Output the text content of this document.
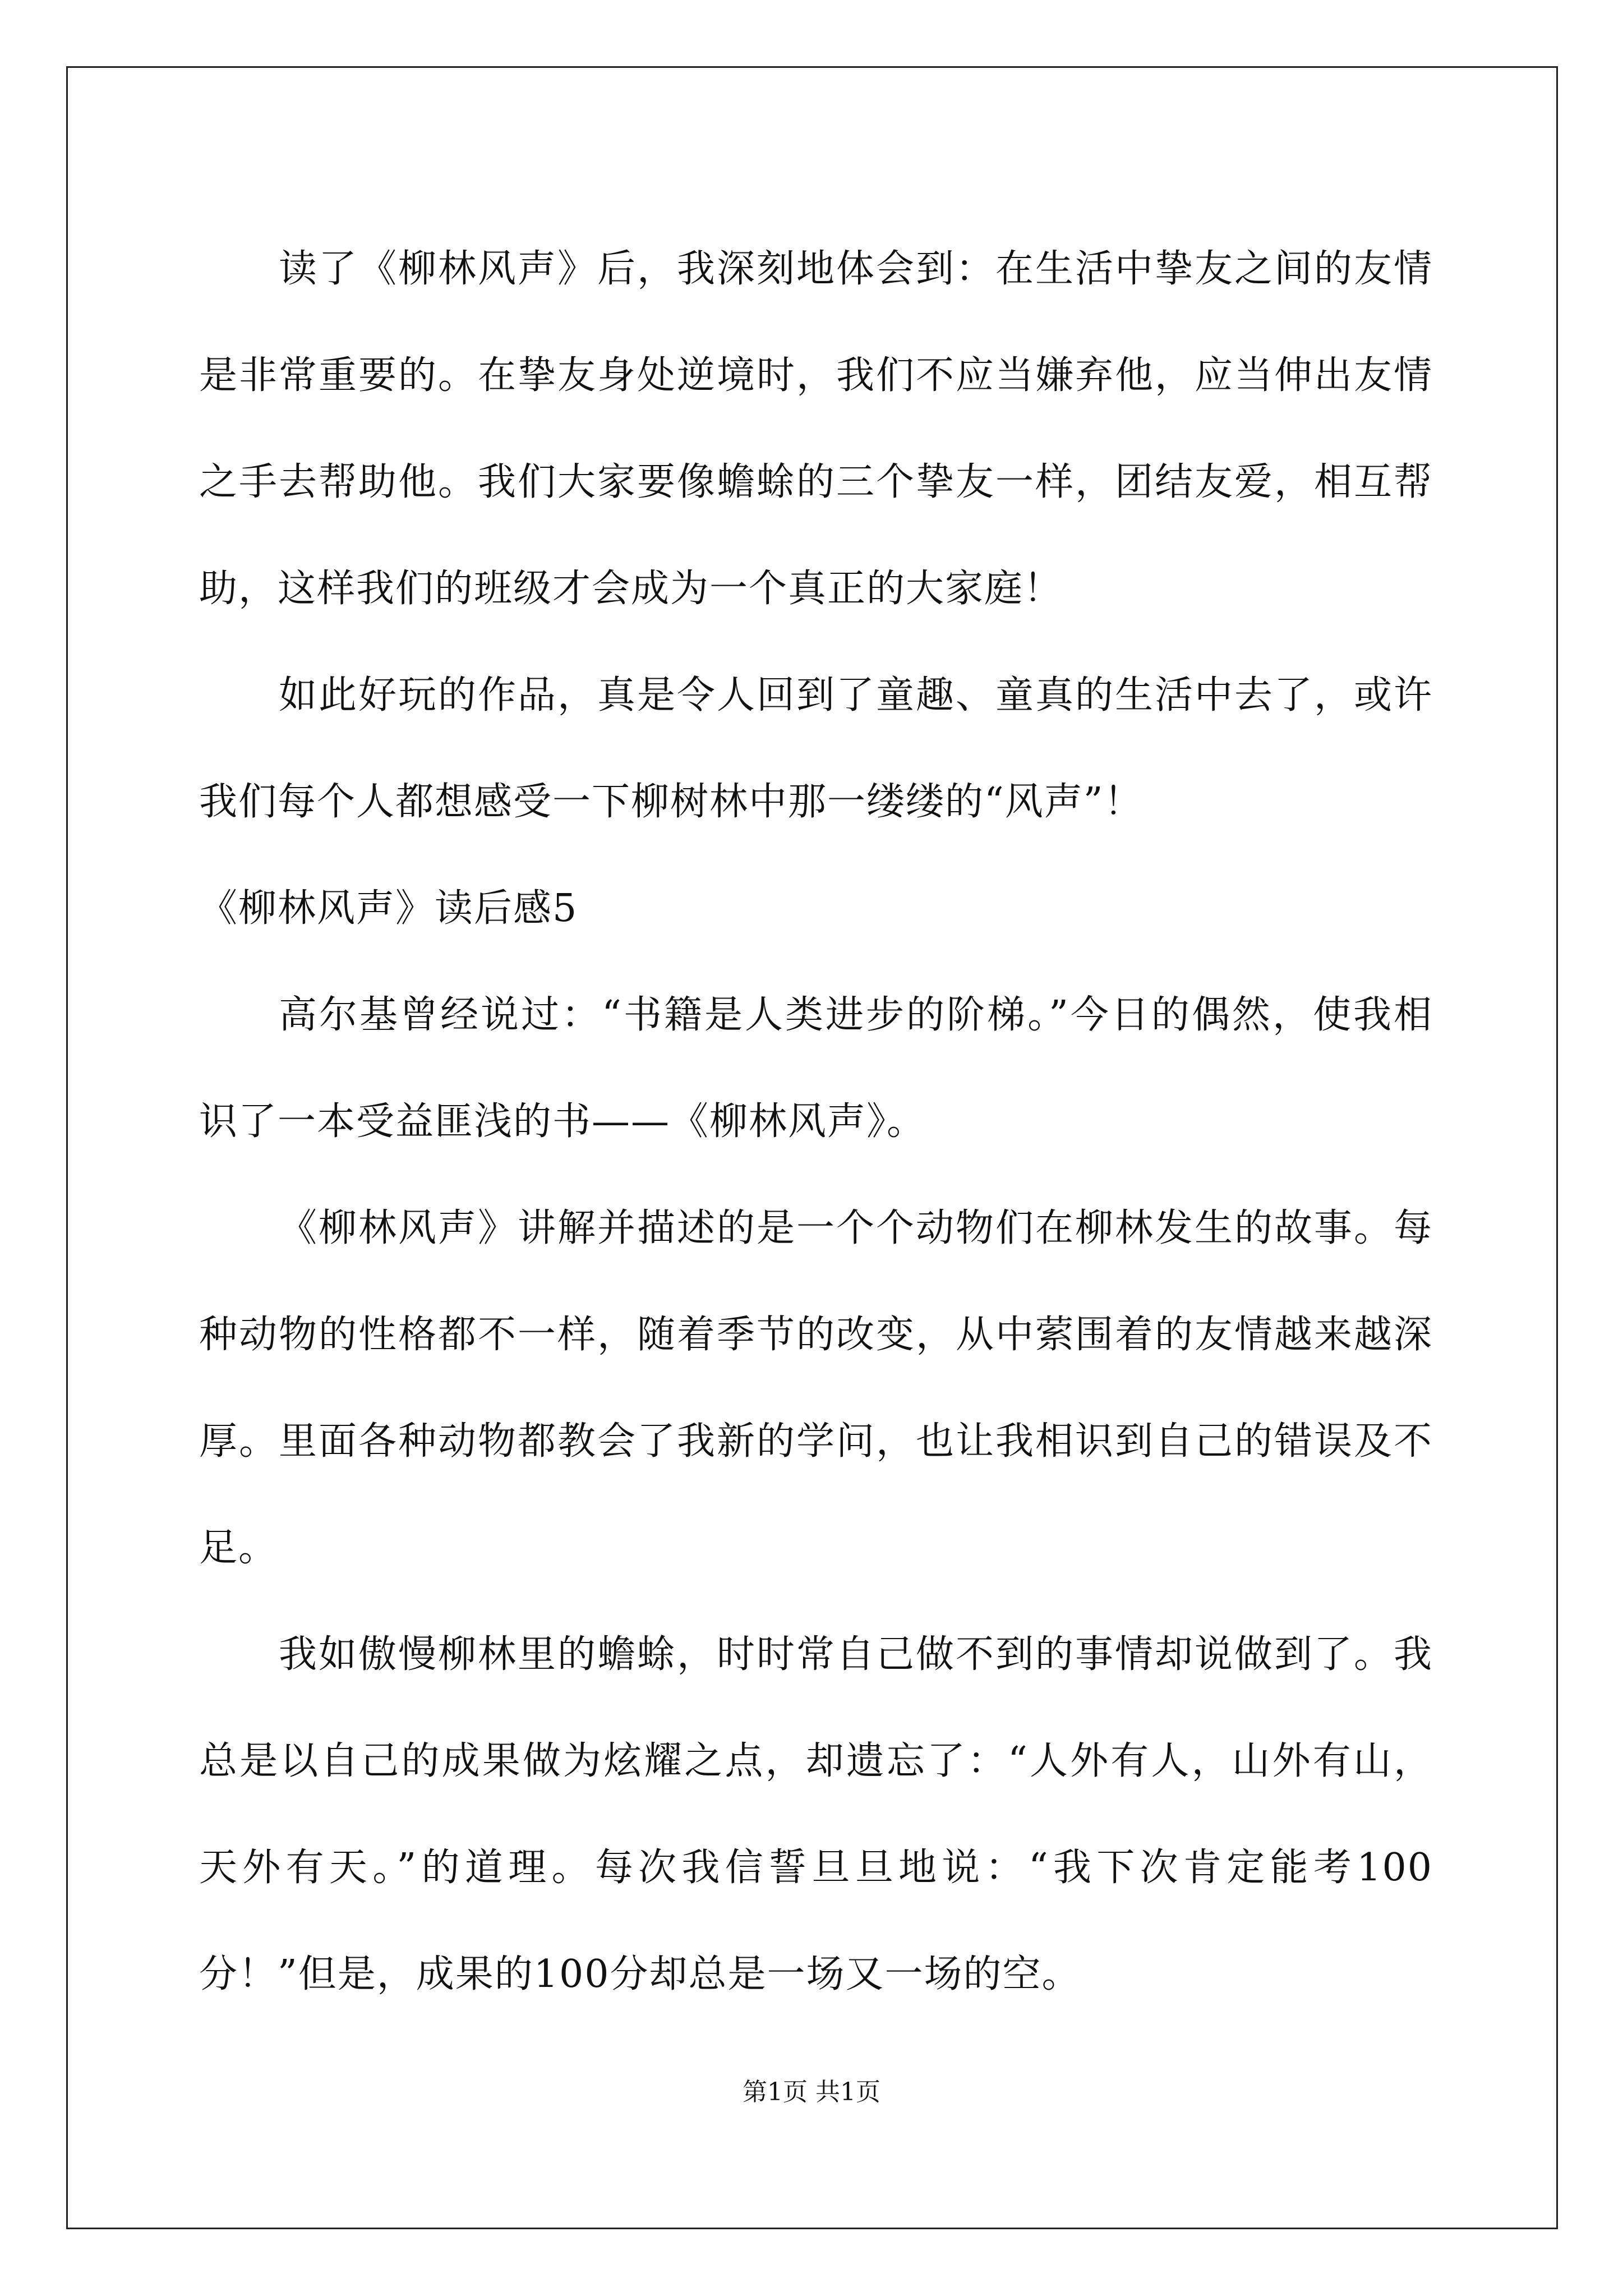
读了《柳林风声》后，我深刻地体会到：在生活中挚友之间的友情是非常重要的。在挚友身处逆境时，我们不应当嫌弃他，应当伸出友情之手去帮助他。我们大家要像蟾蜍的三个挚友一样，团结友爱，相互帮助，这样我们的班级才会成为一个真正的大家庭！

如此好玩的作品，真是令人回到了童趣、童真的生活中去了，或许我们每个人都想感受一下柳树林中那一缕缕的“风声”！

《柳林风声》读后感5

高尔基曾经说过：“书籍是人类进步的阶梯。”今日的偶然，使我相识了一本受益匪浅的书——《柳林风声》。

《柳林风声》讲解并描述的是一个个动物们在柳林发生的故事。每种动物的性格都不一样，随着季节的改变，从中萦围着的友情越来越深厚。里面各种动物都教会了我新的学问，也让我相识到自己的错误及不足。

我如傲慢柳林里的蟾蜍，时时常自己做不到的事情却说做到了。我总是以自己的成果做为炫耀之点，却遗忘了：“人外有人，山外有山，天外有天。”的道理。每次我信誓旦旦地说：“我下次肯定能考100分！”但是，成果的100分却总是一场又一场的空。

第1页 共1页
